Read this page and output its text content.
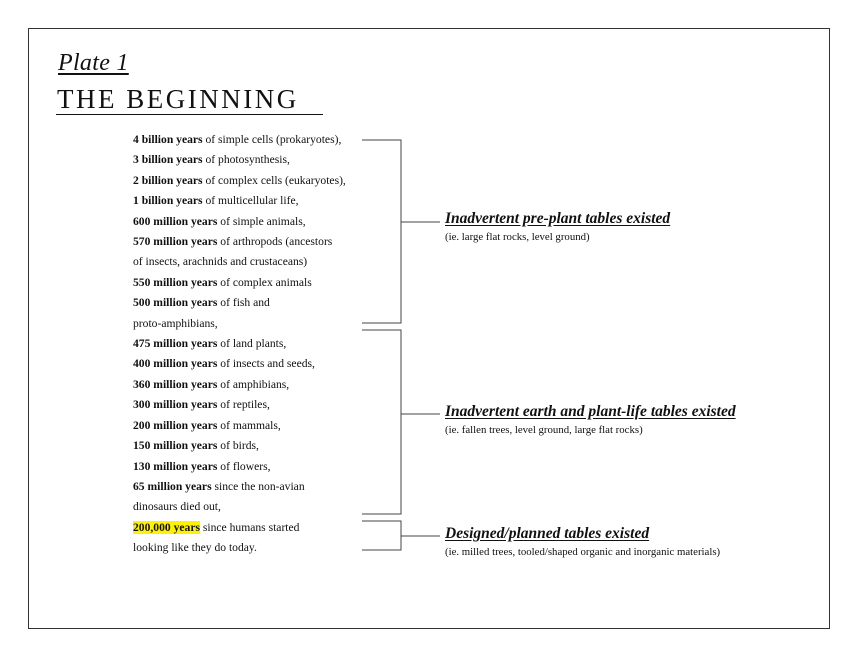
Plate 1
THE BEGINNING
4 billion years of simple cells (prokaryotes),
3 billion years of photosynthesis,
2 billion years of complex cells (eukaryotes),
1 billion years of multicellular life,
600 million years of simple animals,
570 million years of arthropods (ancestors
of insects, arachnids and crustaceans)
550 million years of complex animals
500 million years of fish and
proto-amphibians,
475 million years of land plants,
400 million years of insects and seeds,
360 million years of amphibians,
300 million years of reptiles,
200 million years of mammals,
150 million years of birds,
130 million years of flowers,
65 million years since the non-avian
dinosaurs died out,
200,000 years since humans started
looking like they do today.
Inadvertent pre-plant tables existed
(ie. large flat rocks, level ground)
Inadvertent earth and plant-life tables existed
(ie. fallen trees, level ground, large flat rocks)
Designed/planned tables existed
(ie. milled trees, tooled/shaped organic and inorganic materials)
